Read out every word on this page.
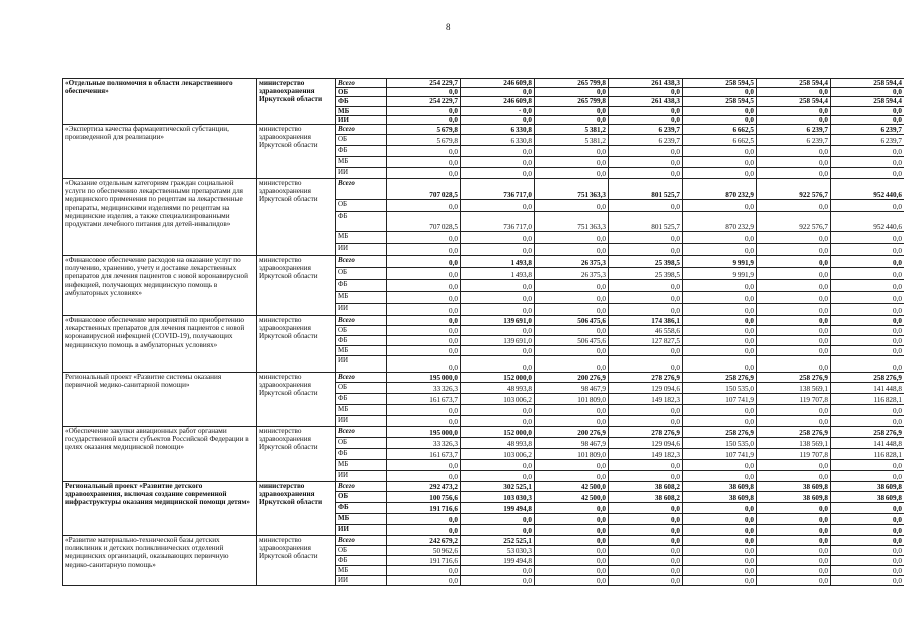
8
«Отдельные полномочия в области лекарственного обеспечения»	министерство здравоохранения Иркутской области	Всего	254 229,7	246 609,8	265 799,8	261 438,3	258 594,5	258 594,4	258 594,4
		ОБ	0,0	0,0	0,0	0,0	0,0	0,0	0,0
		ФБ	254 229,7	246 609,8	265 799,8	261 438,3	258 594,5	258 594,4	258 594,4
		МБ	0,0	· 0,0	0,0	0,0	0,0	0,0	0,0
		ИИ	0,0	0,0	0,0	0,0	0,0	0,0	0,0
«Экспертиза качества фармацевтической субстанции, произведенной для реализации»	министерство здравоохранения Иркутской области	Всего	5 679,8	6 330,8	5 381,2	6 239,7	6 662,5	6 239,7	6 239,7
		ОБ	5 679,8	6 330,8	5 381,2	6 239,7	6 662,5	6 239,7	6 239,7
		ФБ	0,0	0,0	0,0	0,0	0,0	0,0	0,0
		МБ	0,0	0,0	0,0	0,0	0,0	0,0	0,0
		ИИ	0,0	0,0	0,0	0,0	0,0	0,0	0,0
«Оказание отдельным категориям граждан социальной услуги по обеспечению лекарственными препаратами для медицинского применения по рецептам на лекарственные препараты, медицинскими изделиями по рецептам на медицинские изделия, а также специализированными продуктами лечебного питания для детей-инвалидов»	министерство здравоохранения Иркутской области	Всего	707 028,5	736 717,0	751 363,3	801 525,7	870 232,9	922 576,7	952 440,6
		ОБ	0,0	0,0	0,0	0,0	0,0	0,0	0,0
		ФБ	707 028,5	736 717,0	751 363,3	801 525,7	870 232,9	922 576,7	952 440,6
		МБ	0,0	0,0	0,0	0,0	0,0	0,0	0,0
		ИИ	0,0	0,0	0,0	0,0	0,0	0,0	0,0
«Финансовое обеспечение расходов на оказание услуг по получению, хранению, учету и доставке лекарственных препаратов для лечения пациентов с новой коронавирусной инфекцией, получающих медицинскую помощь в амбулаторных условиях»	министерство здравоохранения Иркутской области	Всего	0,0	1 493,8	26 375,3	25 398,5	9 991,9	0,0	0,0
		ОБ	0,0	1 493,8	26 375,3	25 398,5	9 991,9	0,0	0,0
		ФБ	0,0	0,0	0,0	0,0	0,0	0,0	0,0
		МБ	0,0	0,0	0,0	0,0	0,0	0,0	0,0
		ИИ	0,0	0,0	0,0	0,0	0,0	0,0	0,0
«Финансовое обеспечение мероприятий по приобретению лекарственных препаратов для лечения пациентов с новой коронавирусной инфекцией (COVID-19), получающих медицинскую помощь в амбулаторных условиях»	министерство здравоохранения Иркутской области	Всего	0,0	139 691,0	506 475,6	174 386,1	0,0	0,0	0,0
		ОБ	0,0	0,0	0,0	46 558,6	0,0	0,0	0,0
		ФБ	0,0	139 691,0	506 475,6	127 827,5	0,0	0,0	0,0
		МБ	0,0	0,0	0,0	0,0	0,0	0,0	0,0
		ИИ	0,0	0,0	0,0	0,0	0,0	0,0	0,0
Региональный проект «Развитие системы оказания первичной медико-санитарной помощи»	министерство здравоохранения Иркутской области	Всего	195 000,0	152 000,0	200 276,9	278 276,9	258 276,9	258 276,9	258 276,9
		ОБ	33 326,3	48 993,8	98 467,9	129 094,6	150 535,0	138 569,1	141 448,8
		ФБ	161 673,7	103 006,2	101 809,0	149 182,3	107 741,9	119 707,8	116 828,1
		МБ	0,0	0,0	0,0	0,0	0,0	0,0	0,0
		ИИ	0,0	0,0	0,0	0,0	0,0	0,0	0,0
«Обеспечение закупки авиационных работ органами государственной власти субъектов Российской Федерации в целях оказания медицинской помощи»	министерство здравоохранения Иркутской области	Всего	195 000,0	152 000,0	200 276,9	278 276,9	258 276,9	258 276,9	258 276,9
		ОБ	33 326,3	48 993,8	98 467,9	129 094,6	150 535,0	138 569,1	141 448,8
		ФБ	161 673,7	103 006,2	101 809,0	149 182,3	107 741,9	119 707,8	116 828,1
		МБ	0,0	0,0	0,0	0,0	0,0	0,0	0,0
		ИИ	0,0	0,0	0,0	0,0	0,0	0,0	0,0
Региональный проект «Развитие детского здравоохранения, включая создание современной инфраструктуры оказания медицинской помощи детям»	министерство здравоохранения Иркутской области	Всего	292 473,2	302 525,1	42 500,0	38 608,2	38 609,8	38 609,8	38 609,8
		ОБ	100 756,6	103 030,3	42 500,0	38 608,2	38 609,8	38 609,8	38 609,8
		ФБ	191 716,6	199 494,8	0,0	0,0	0,0	0,0	0,0
		МБ	0,0	0,0	0,0	0,0	0,0	0,0	0,0
		ИИ	0,0	0,0	0,0	0,0	0,0	0,0	0,0
«Развитие материально-технической базы детских поликлиник и детских поликлинических отделений медицинских организаций, оказывающих первичную медико-санитарную помощь»	министерство здравоохранения Иркутской области	Всего	242 679,2	252 525,1	0,0	0,0	0,0	0,0	0,0
		ОБ	50 962,6	53 030,3	0,0	0,0	0,0	0,0	0,0
		ФБ	191 716,6	199 494,8	0,0	0,0	0,0	0,0	0,0
		МБ	0,0	0,0	0,0	0,0	0,0	0,0	0,0
		ИИ	0,0	0,0	0,0	0,0	0,0	0,0	0,0
